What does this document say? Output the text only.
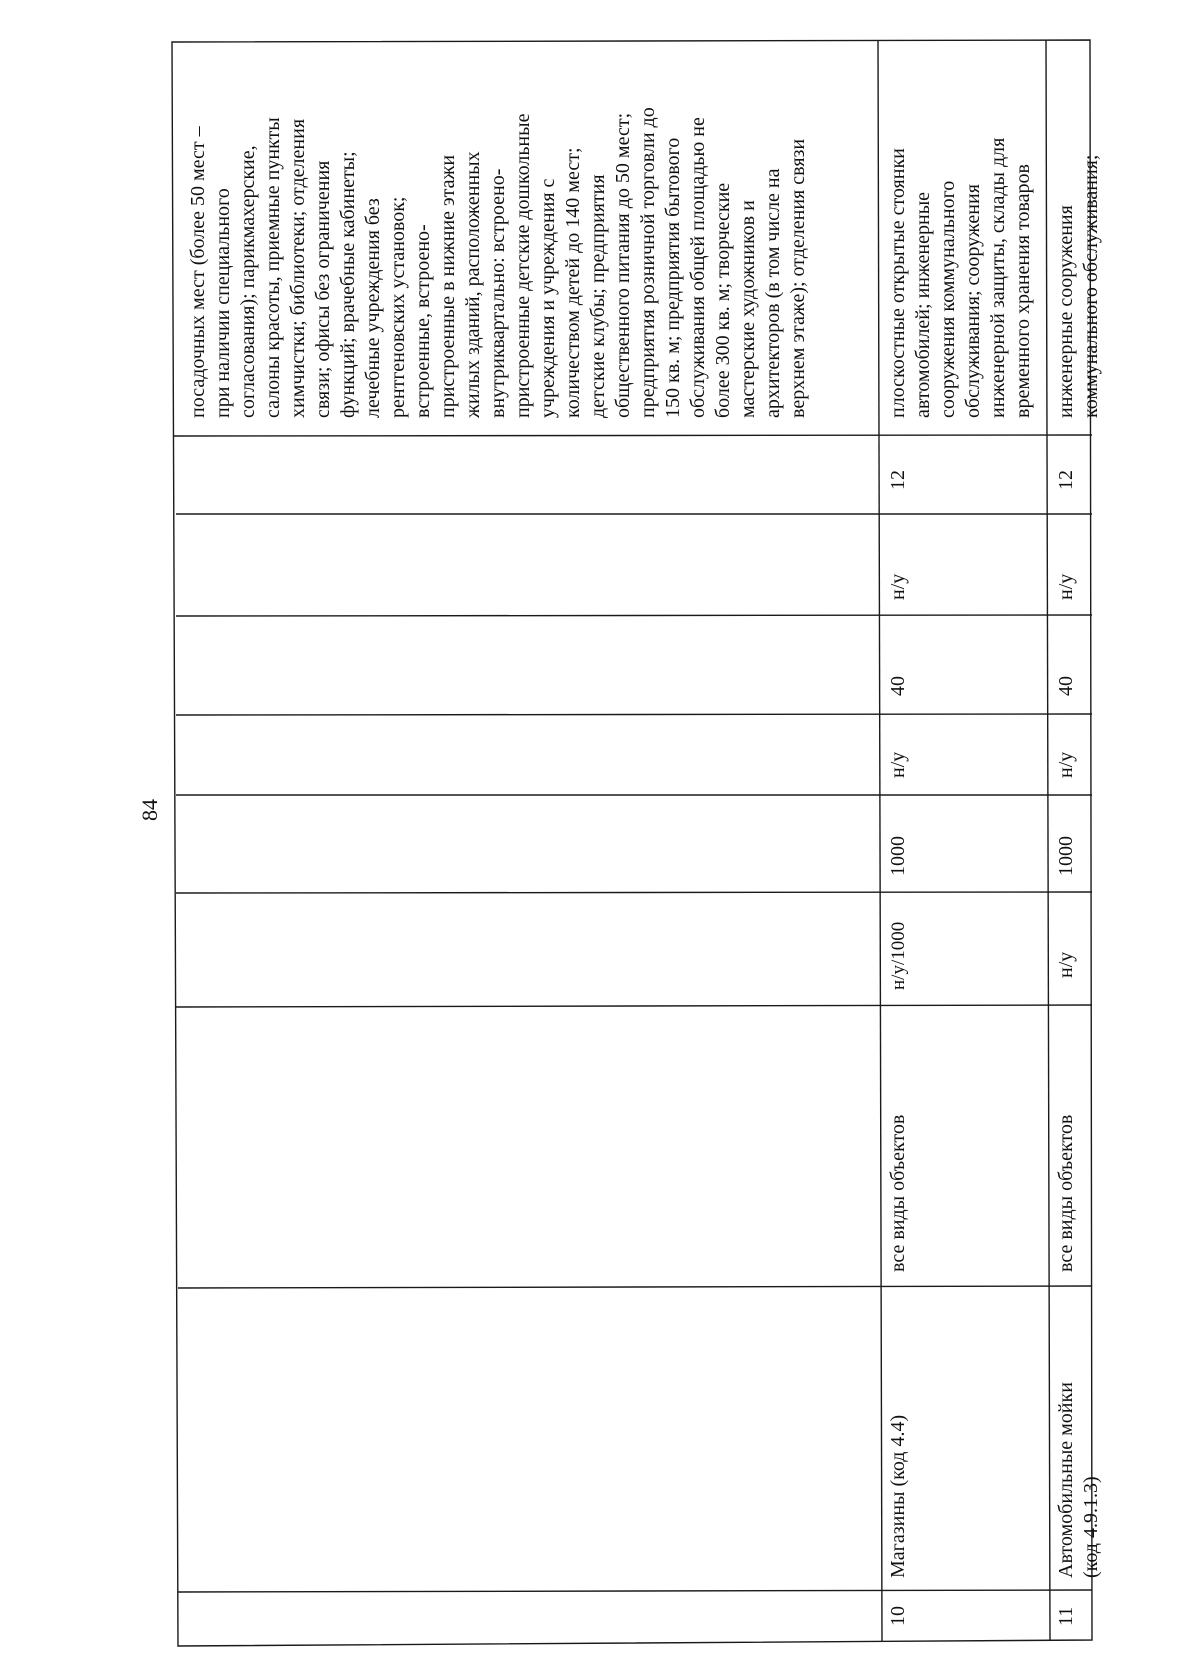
84
посадочных мест (более 50 мест – при наличии специального согласования); парикмахерские, салоны красоты, приемные пункты химчистки; библиотеки; отделения связи; офисы без ограничения функций; врачебные кабинеты; лечебные учреждения без рентгеновских установок; встроенные, встроено- пристроенные в нижние этажи жилых зданий, расположенных внутриквартально: встроено- пристроенные детские дошкольные учреждения и учреждения с количеством детей до 140 мест; детские клубы; предприятия общественного питания до 50 мест; предприятия розничной торговли до 150 кв. м; предприятия бытового обслуживания общей площадью не более 300 кв. м; творческие мастерские художников и архитекторов (в том числе на верхнем этаже); отделения связи
10
Магазины (код 4.4)
все виды объектов
н/у/1000
1000
н/у
40
н/у
12
плоскостные открытые стоянки автомобилей; инженерные сооружения коммунального обслуживания; сооружения инженерной защиты, склады для временного хранения товаров
11
Автомобильные мойки (код 4.9.1.3)
все виды объектов
н/у
1000
н/у
40
н/у
12
инженерные сооружения коммунального обслуживания;
